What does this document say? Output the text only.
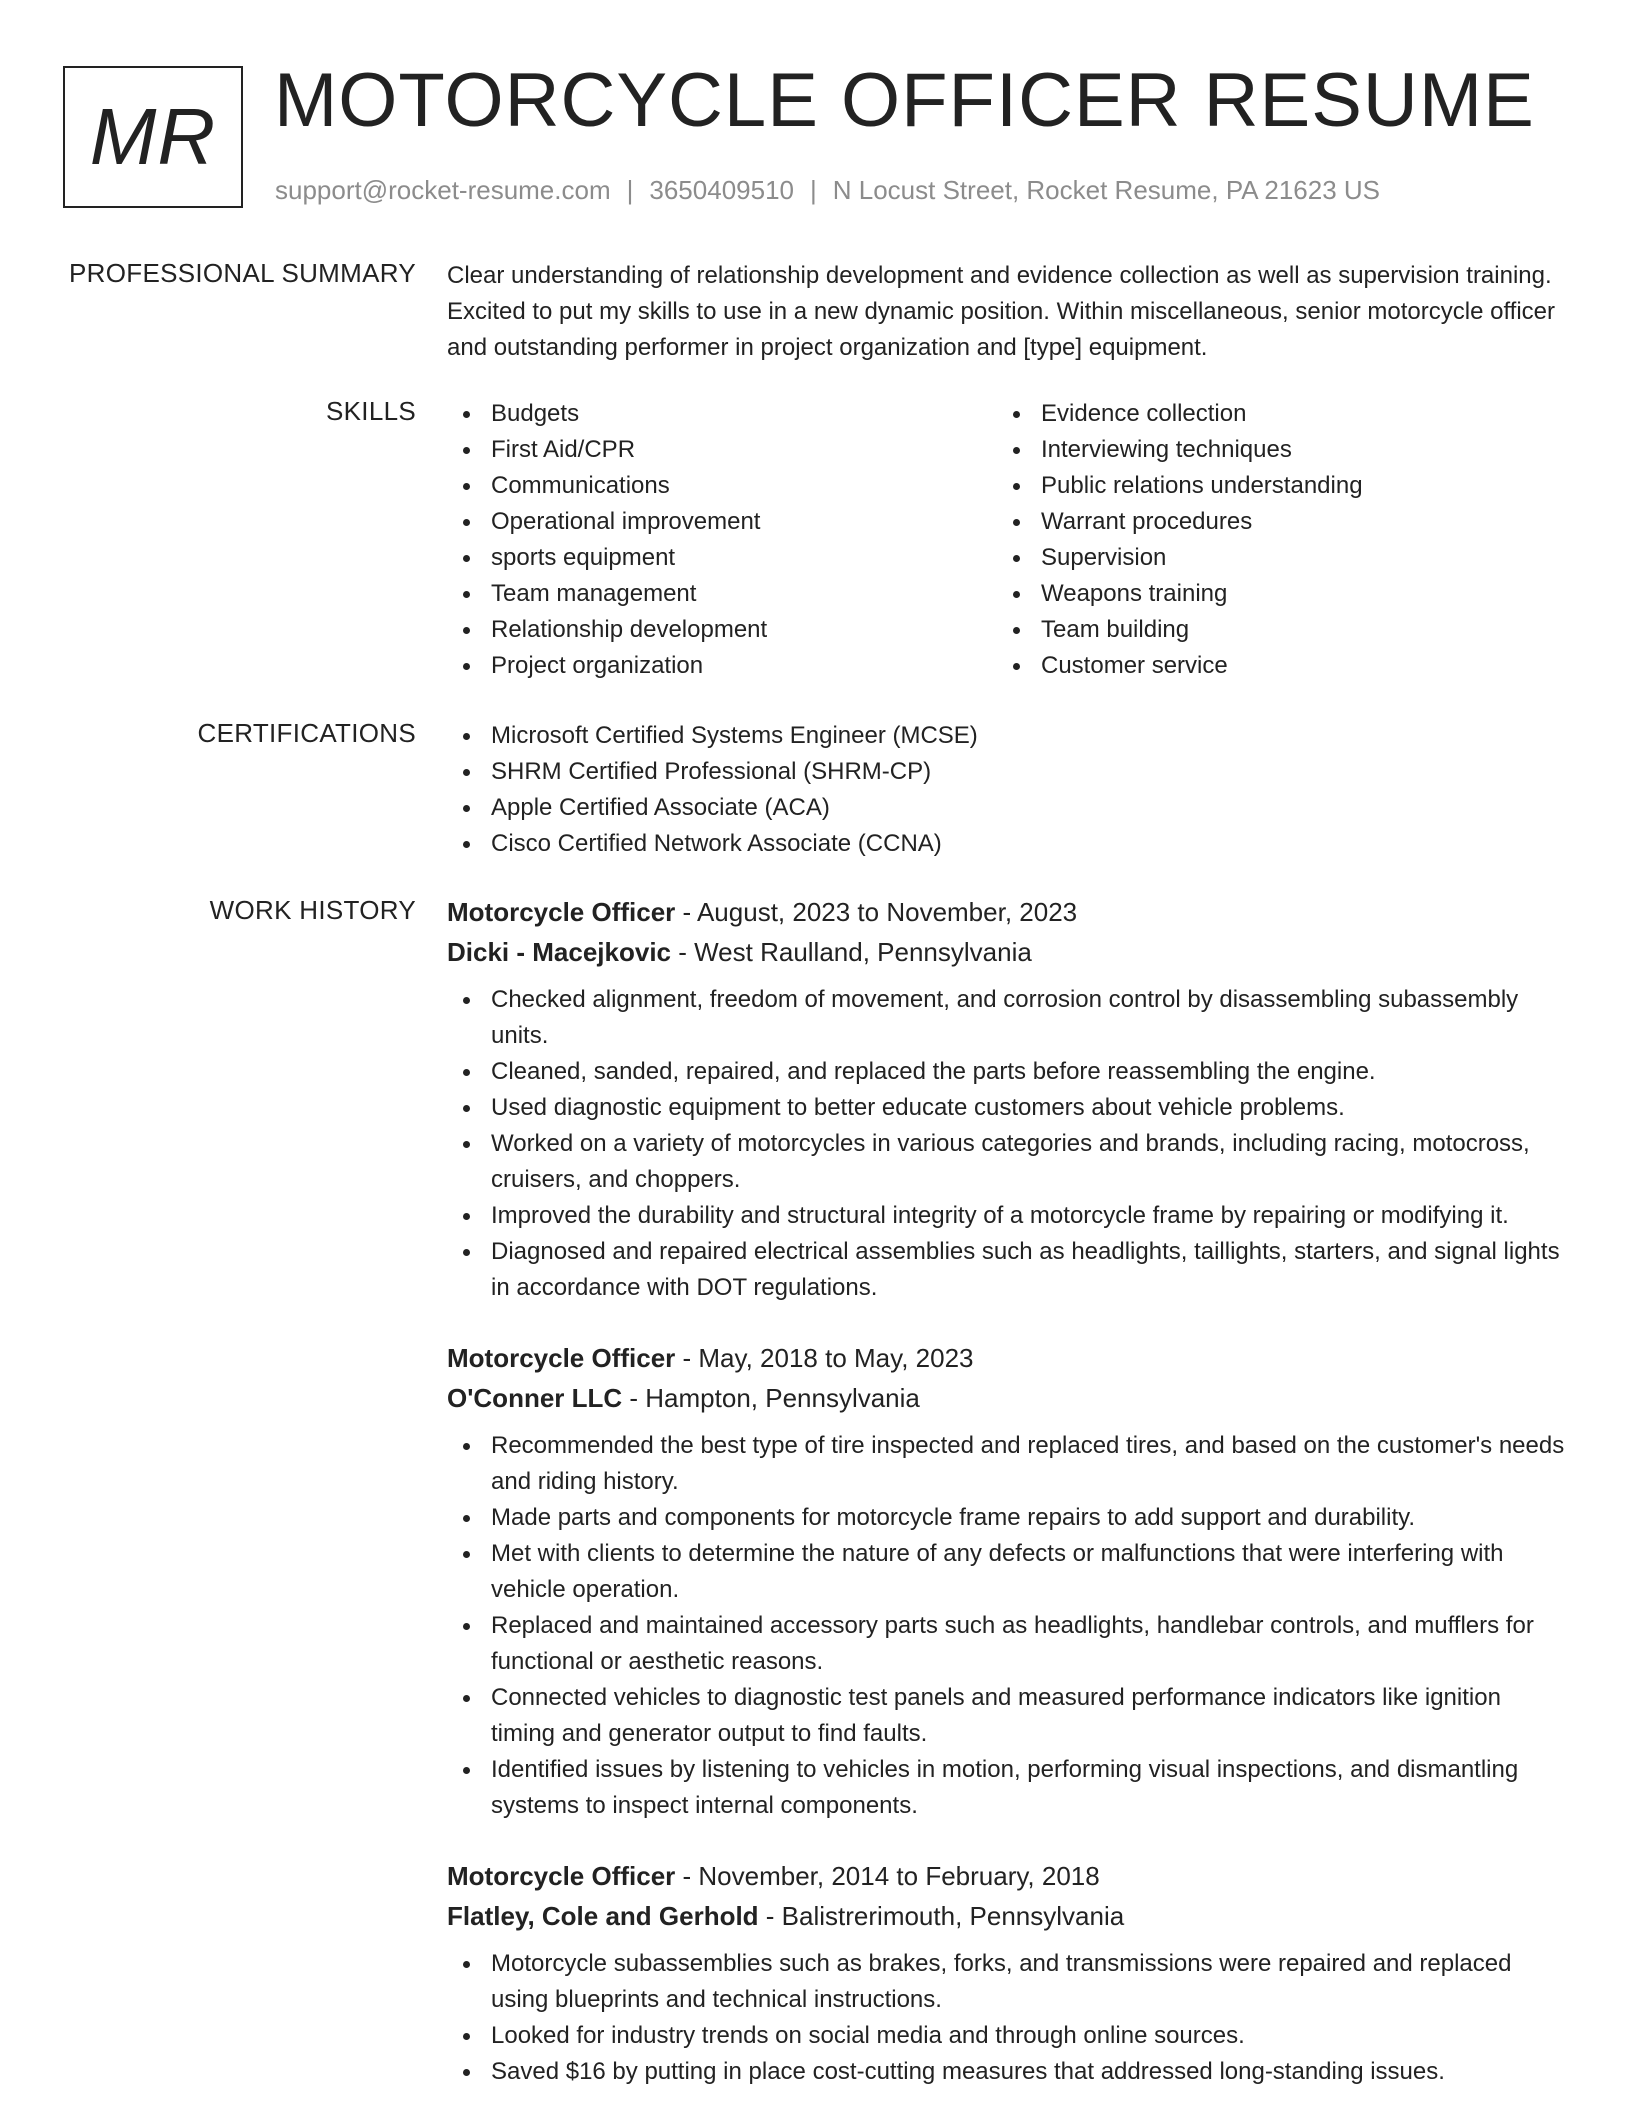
MR MOTORCYCLE OFFICER RESUME
support@rocket-resume.com | 3650409510 | N Locust Street, Rocket Resume, PA 21623 US
PROFESSIONAL SUMMARY Clear understanding of relationship development and evidence collection as well as supervision training. Excited to put my skills to use in a new dynamic position. Within miscellaneous, senior motorcycle officer and outstanding performer in project organization and [type] equipment.

SKILLS	Budgets
First Aid/CPR
Communications
Operational improvement
sports equipment
Team management
Relationship development
Project organization
Evidence collection
Interviewing techniques
Public relations understanding
Warrant procedures
Supervision
Weapons training
Team building
Customer service
CERTIFICATIONS	Microsoft Certified Systems Engineer (MCSE)
SHRM Certified Professional (SHRM-CP)
Apple Certified Associate (ACA)
Cisco Certified Network Associate (CCNA)
WORK HISTORY Motorcycle Officer - August, 2023 to November, 2023
Dicki - Macejkovic - West Raulland, Pennsylvania
Checked alignment, freedom of movement, and corrosion control by disassembling subassembly units.
Cleaned, sanded, repaired, and replaced the parts before reassembling the engine.
Used diagnostic equipment to better educate customers about vehicle problems.
Worked on a variety of motorcycles in various categories and brands, including racing, motocross, cruisers, and choppers.
Improved the durability and structural integrity of a motorcycle frame by repairing or modifying it.
Diagnosed and repaired electrical assemblies such as headlights, taillights, starters, and signal lights in accordance with DOT regulations.
Motorcycle Officer - May, 2018 to May, 2023
O'Conner LLC - Hampton, Pennsylvania
Recommended the best type of tire inspected and replaced tires, and based on the customer's needs and riding history.
Made parts and components for motorcycle frame repairs to add support and durability.
Met with clients to determine the nature of any defects or malfunctions that were interfering with vehicle operation.
Replaced and maintained accessory parts such as headlights, handlebar controls, and mufflers for functional or aesthetic reasons.
Connected vehicles to diagnostic test panels and measured performance indicators like ignition timing and generator output to find faults.
Identified issues by listening to vehicles in motion, performing visual inspections, and dismantling systems to inspect internal components.
Motorcycle Officer - November, 2014 to February, 2018
Flatley, Cole and Gerhold - Balistrerimouth, Pennsylvania
Motorcycle subassemblies such as brakes, forks, and transmissions were repaired and replaced using blueprints and technical instructions.
Looked for industry trends on social media and through online sources.
Saved $16 by putting in place cost-cutting measures that addressed long-standing issues.
